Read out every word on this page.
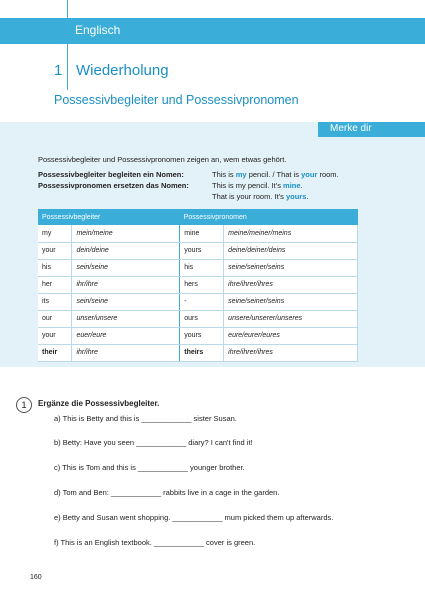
Englisch
1 Wiederholung
Possessivbegleiter und Possessivpronomen
Merke dir
Possessivbegleiter und Possessivpronomen zeigen an, wem etwas gehört.
Possessivbegleiter begleiten ein Nomen:	This is my pencil. / That is your room.
Possessivpronomen ersetzen das Nomen:	This is my pencil. It's mine.
That is your room. It's yours.
Possessivbegleiter		Possessivpronomen	
my	mein/meine	mine	meine/meiner/meins
your	dein/deine	yours	deine/deiner/deins
his	sein/seine	his	seine/seiner/seins
her	ihr/ihre	hers	ihre/ihrer/ihres
its	sein/seine	-	seine/seiner/seins
our	unser/unsere	ours	unsere/unserer/unseres
your	euer/eure	yours	eure/eurer/eures
their	ihr/ihre	theirs	ihre/ihrer/ihres
1	Ergänze die Possessivbegleiter.
a) This is Betty and this is ____________ sister Susan.
b) Betty: Have you seen ____________ diary? I can't find it!
c) This is Tom and this is ____________ younger brother.
d) Tom and Ben: ____________ rabbits live in a cage in the garden.
e) Betty and Susan went shopping. ____________ mum picked them up afterwards.
f) This is an English textbook. ____________ cover is green.
160
